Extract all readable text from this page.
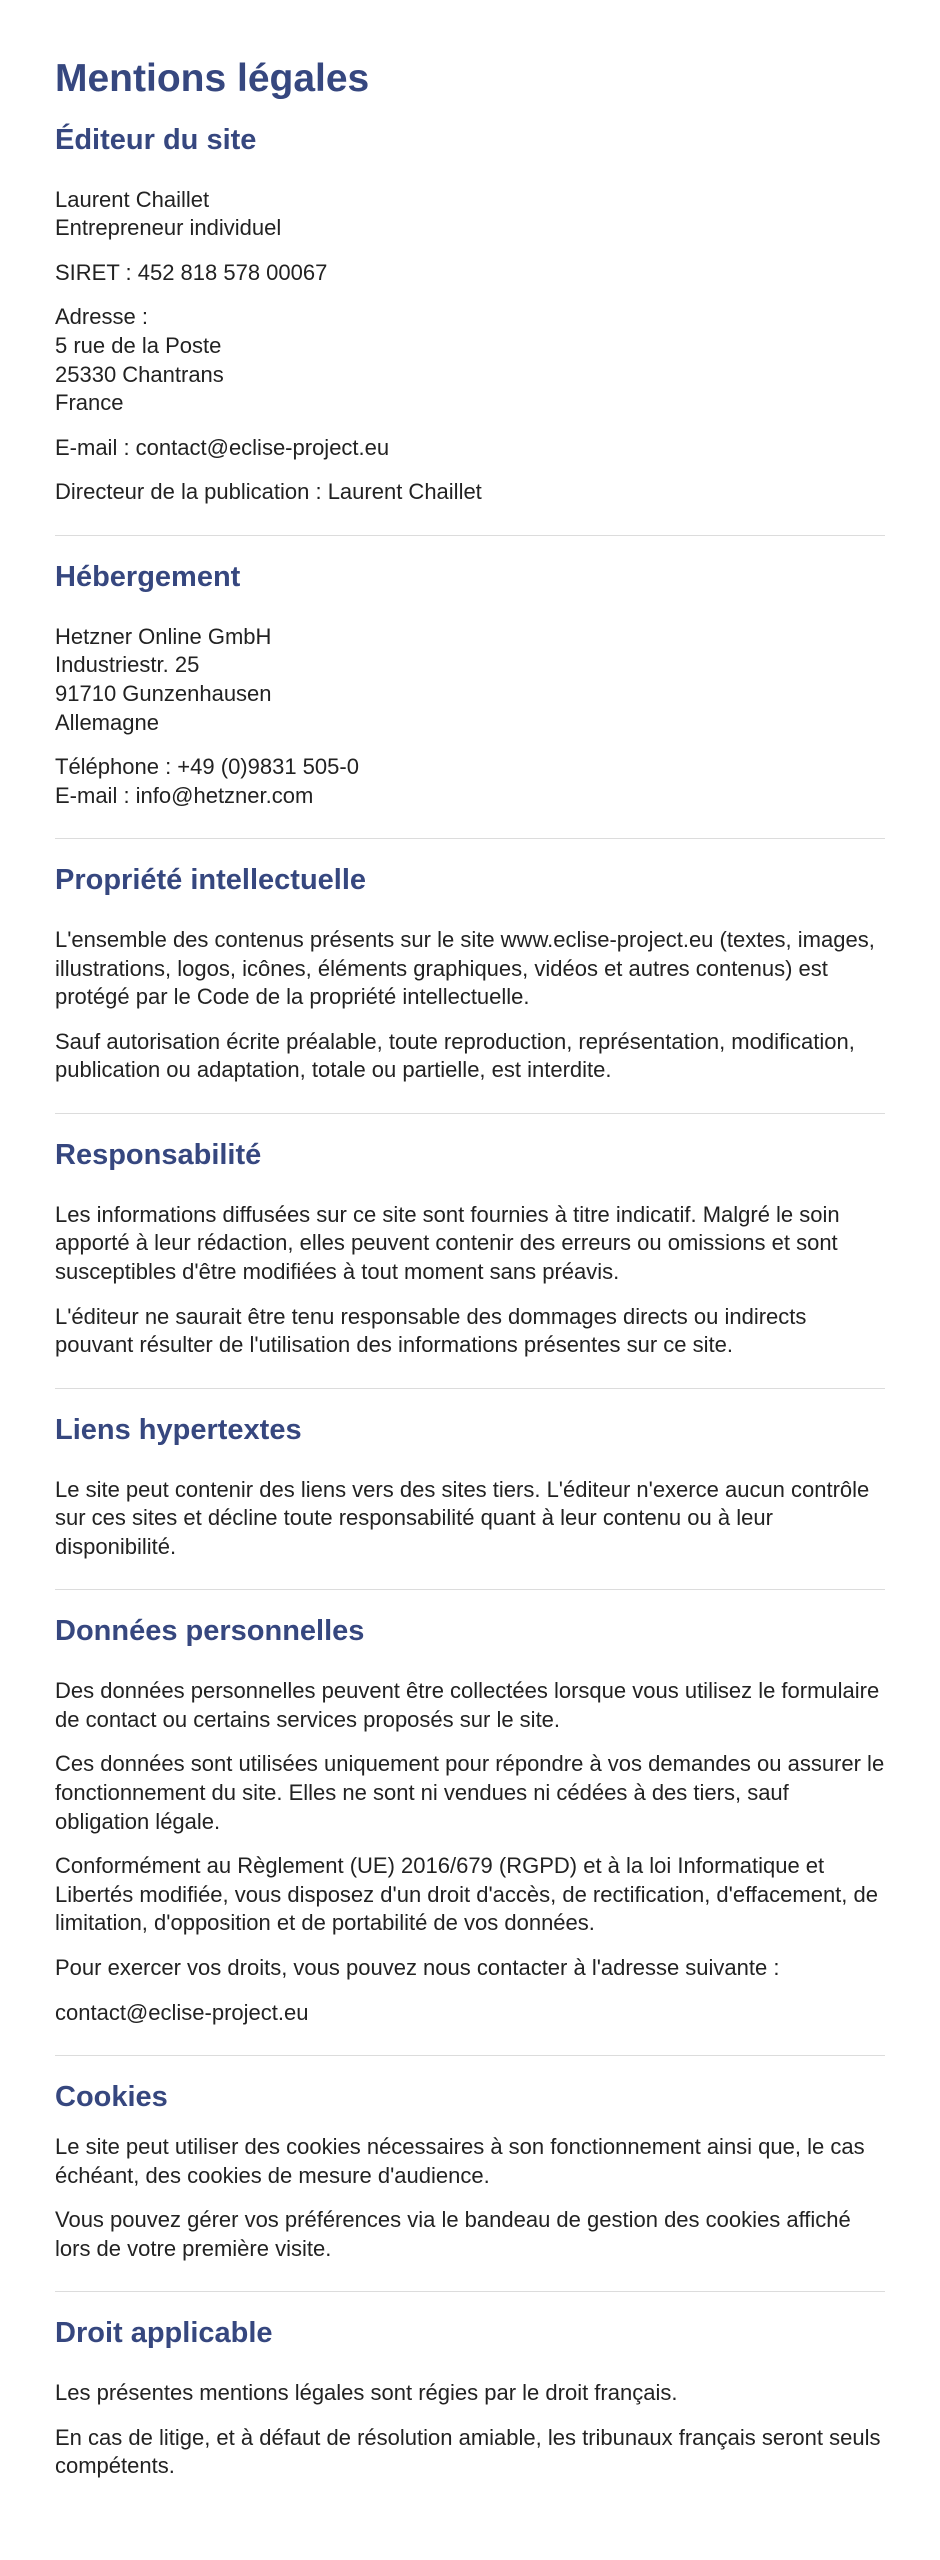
Mentions légales
Éditeur du site

Laurent Chaillet
Entrepreneur individuel

SIRET : 452 818 578 00067

Adresse :
5 rue de la Poste
25330 Chantrans
France

E-mail : contact@eclise-project.eu

Directeur de la publication : Laurent Chaillet

Hébergement

Hetzner Online GmbH
Industriestr. 25
91710 Gunzenhausen
Allemagne

Téléphone : +49 (0)9831 505-0
E-mail : info@hetzner.com

Propriété intellectuelle

L'ensemble des contenus présents sur le site www.eclise-project.eu (textes, images, illustrations, logos, icônes, éléments graphiques, vidéos et autres contenus) est protégé par le Code de la propriété intellectuelle.

Sauf autorisation écrite préalable, toute reproduction, représentation, modification, publication ou adaptation, totale ou partielle, est interdite.

Responsabilité

Les informations diffusées sur ce site sont fournies à titre indicatif. Malgré le soin apporté à leur rédaction, elles peuvent contenir des erreurs ou omissions et sont susceptibles d'être modifiées à tout moment sans préavis.

L'éditeur ne saurait être tenu responsable des dommages directs ou indirects pouvant résulter de l'utilisation des informations présentes sur ce site.

Liens hypertextes

Le site peut contenir des liens vers des sites tiers. L'éditeur n'exerce aucun contrôle sur ces sites et décline toute responsabilité quant à leur contenu ou à leur disponibilité.

Données personnelles

Des données personnelles peuvent être collectées lorsque vous utilisez le formulaire de contact ou certains services proposés sur le site.

Ces données sont utilisées uniquement pour répondre à vos demandes ou assurer le fonctionnement du site. Elles ne sont ni vendues ni cédées à des tiers, sauf obligation légale.

Conformément au Règlement (UE) 2016/679 (RGPD) et à la loi Informatique et Libertés modifiée, vous disposez d'un droit d'accès, de rectification, d'effacement, de limitation, d'opposition et de portabilité de vos données.

Pour exercer vos droits, vous pouvez nous contacter à l'adresse suivante :

contact@eclise-project.eu

Cookies

Le site peut utiliser des cookies nécessaires à son fonctionnement ainsi que, le cas échéant, des cookies de mesure d'audience.

Vous pouvez gérer vos préférences via le bandeau de gestion des cookies affiché lors de votre première visite.

Droit applicable

Les présentes mentions légales sont régies par le droit français.

En cas de litige, et à défaut de résolution amiable, les tribunaux français seront seuls compétents.
